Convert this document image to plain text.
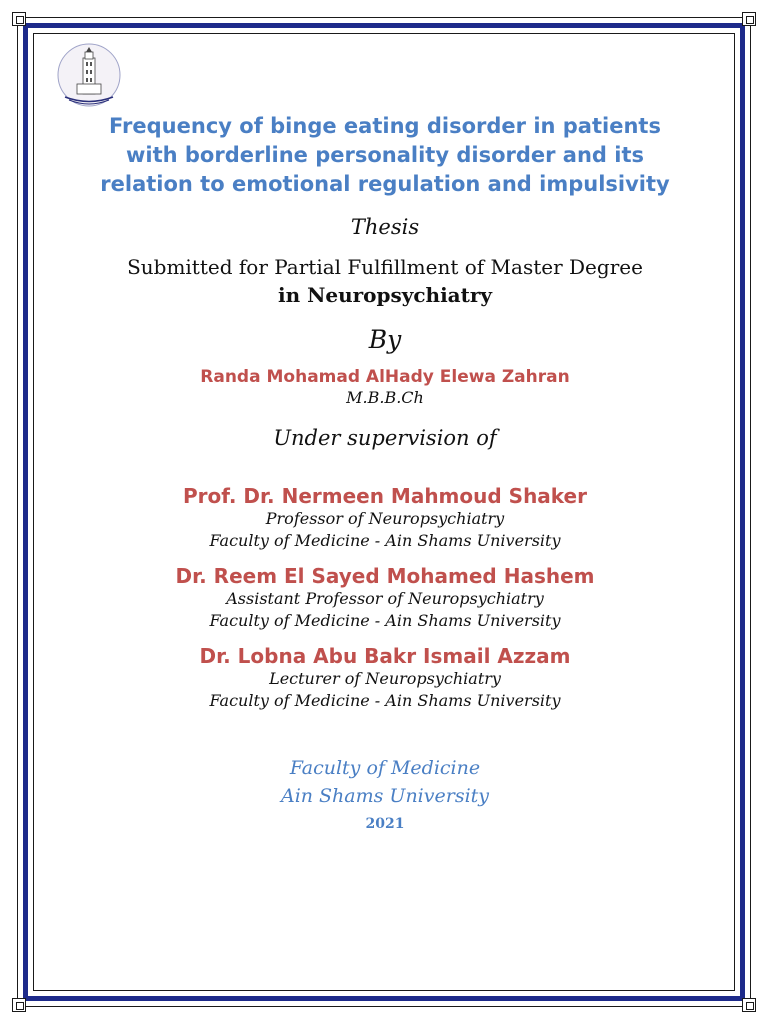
Frequency of binge eating disorder in patients

with borderline personality disorder and its

relation to emotional regulation and impulsivity

Thesis
Submitted for Partial Fulfillment of Master Degree
in Neuropsychiatry
By
Randa Mohamad AlHady Elewa Zahran
M.B.B.Ch
Under supervision of
Prof. Dr. Nermeen Mahmoud Shaker
Professor of Neuropsychiatry
Faculty of Medicine - Ain Shams University
Dr. Reem El Sayed Mohamed Hashem
Assistant Professor of Neuropsychiatry
Faculty of Medicine - Ain Shams University
Dr. Lobna Abu Bakr Ismail Azzam
Lecturer of Neuropsychiatry
Faculty of Medicine - Ain Shams University
Faculty of Medicine
Ain Shams University
2021
